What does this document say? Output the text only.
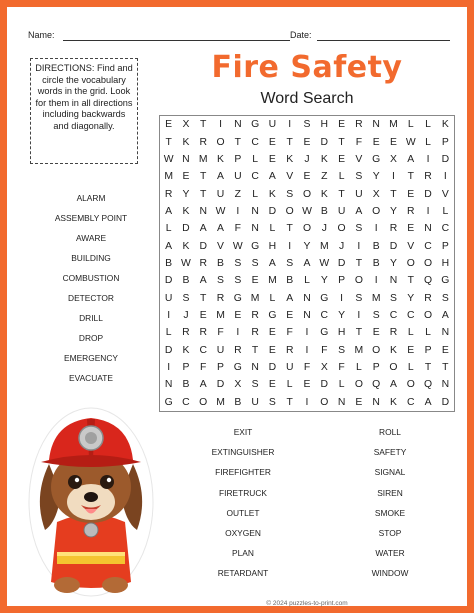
Name:	Date:
DIRECTIONS: Find and circle the vocabulary words in the grid. Look for them in all directions including backwards and diagonally.
Fire Safety
Word Search
ALARM
ASSEMBLY POINT
AWARE
BUILDING
COMBUSTION
DETECTOR
DRILL
DROP
EMERGENCY
EVACUATE
E X	T	I	N G U	I	S H E R N M L	L	K
T	K R O T C E	T	E D T	F	E E W L	P
W N M K P	L	E K	J	K E V G X A	I	D
M E	T	A U C A V E	Z	L	S Y	I	T R	I
R Y	T U Z	L	K S O K	T U X	T	E D V
A K N W	I	N D O W B U A O Y R	I	L
L	D A A	F N	L	T O	J	O S	I	R E N C
A K D V W G H	I	Y M J	I	B D V C P
B W R B S S A S A W D T	B Y O O H
D B A S S E M B	L	Y P O	I	N T Q G
U S	T R G M L	A N G	I	S M S Y R S
I	J	E M E R G E N C Y	I	S C C O A
L	R R F	I	R E	F	I	G H T	E R	L	L	N
D K C U R T	E R	I	F	S M O K E P E
I	P	F	P G N D U F	X	F	L	P O L	T	T
N B A D X S E	L	E D	L O Q A O Q N
G C O M B U S	T	I	O N E N K C A D
EXIT
EXTINGUISHER
FIREFIGHTER
FIRETRUCK
OUTLET
OXYGEN
PLAN
RETARDANT
ROLL
SAFETY
SIGNAL
SIREN
SMOKE
STOP
WATER
WINDOW
© 2024 puzzles-to-print.com
